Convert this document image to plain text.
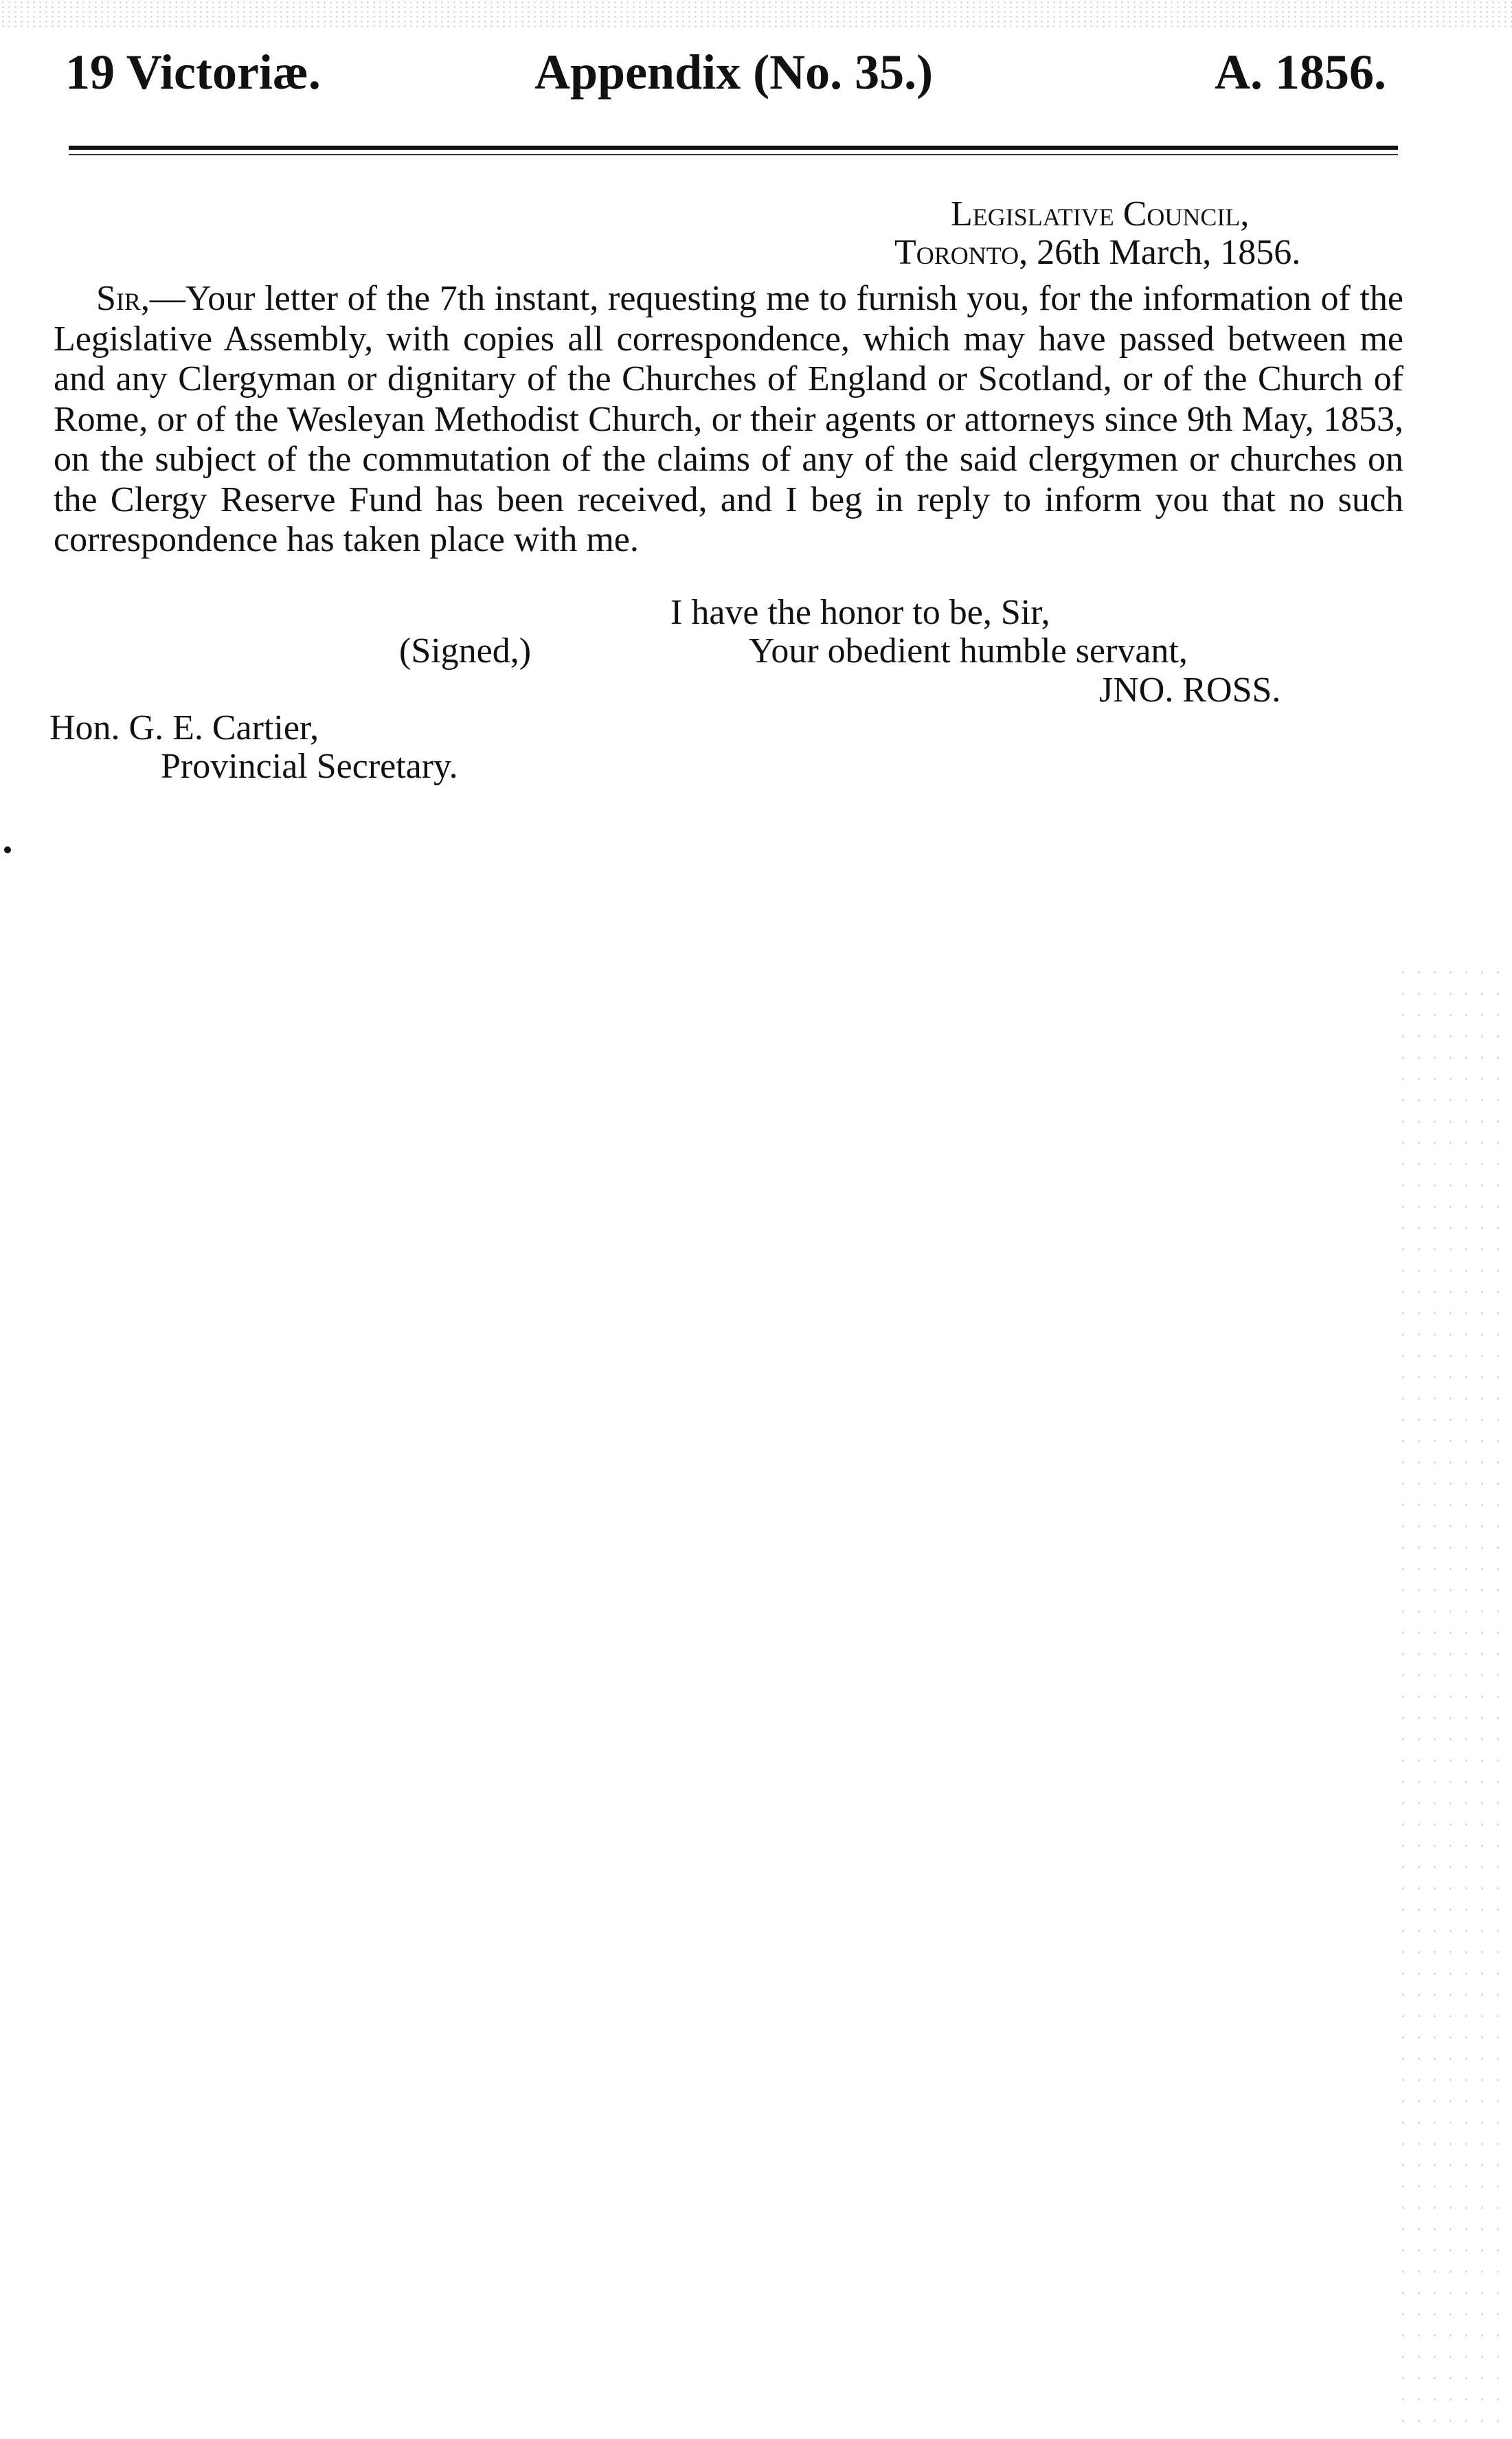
19 Victoriæ.	Appendix (No. 35.)	A. 1856.
Legislative Council,
Toronto, 26th March, 1856.
Sir,—Your letter of the 7th instant, requesting me to furnish you, for the information of the Legislative Assembly, with copies all correspondence, which may have passed between me and any Clergyman or dignitary of the Churches of England or Scotland, or of the Church of Rome, or of the Wesleyan Methodist Church, or their agents or attorneys since 9th May, 1853, on the subject of the commutation of the claims of any of the said clergymen or churches on the Clergy Reserve Fund has been received, and I beg in reply to inform you that no such correspondence has taken place with me.
I have the honor to be, Sir,
(Signed,)	Your obedient humble servant,
JNO. ROSS.
Hon. G. E. Cartier,
Provincial Secretary.
